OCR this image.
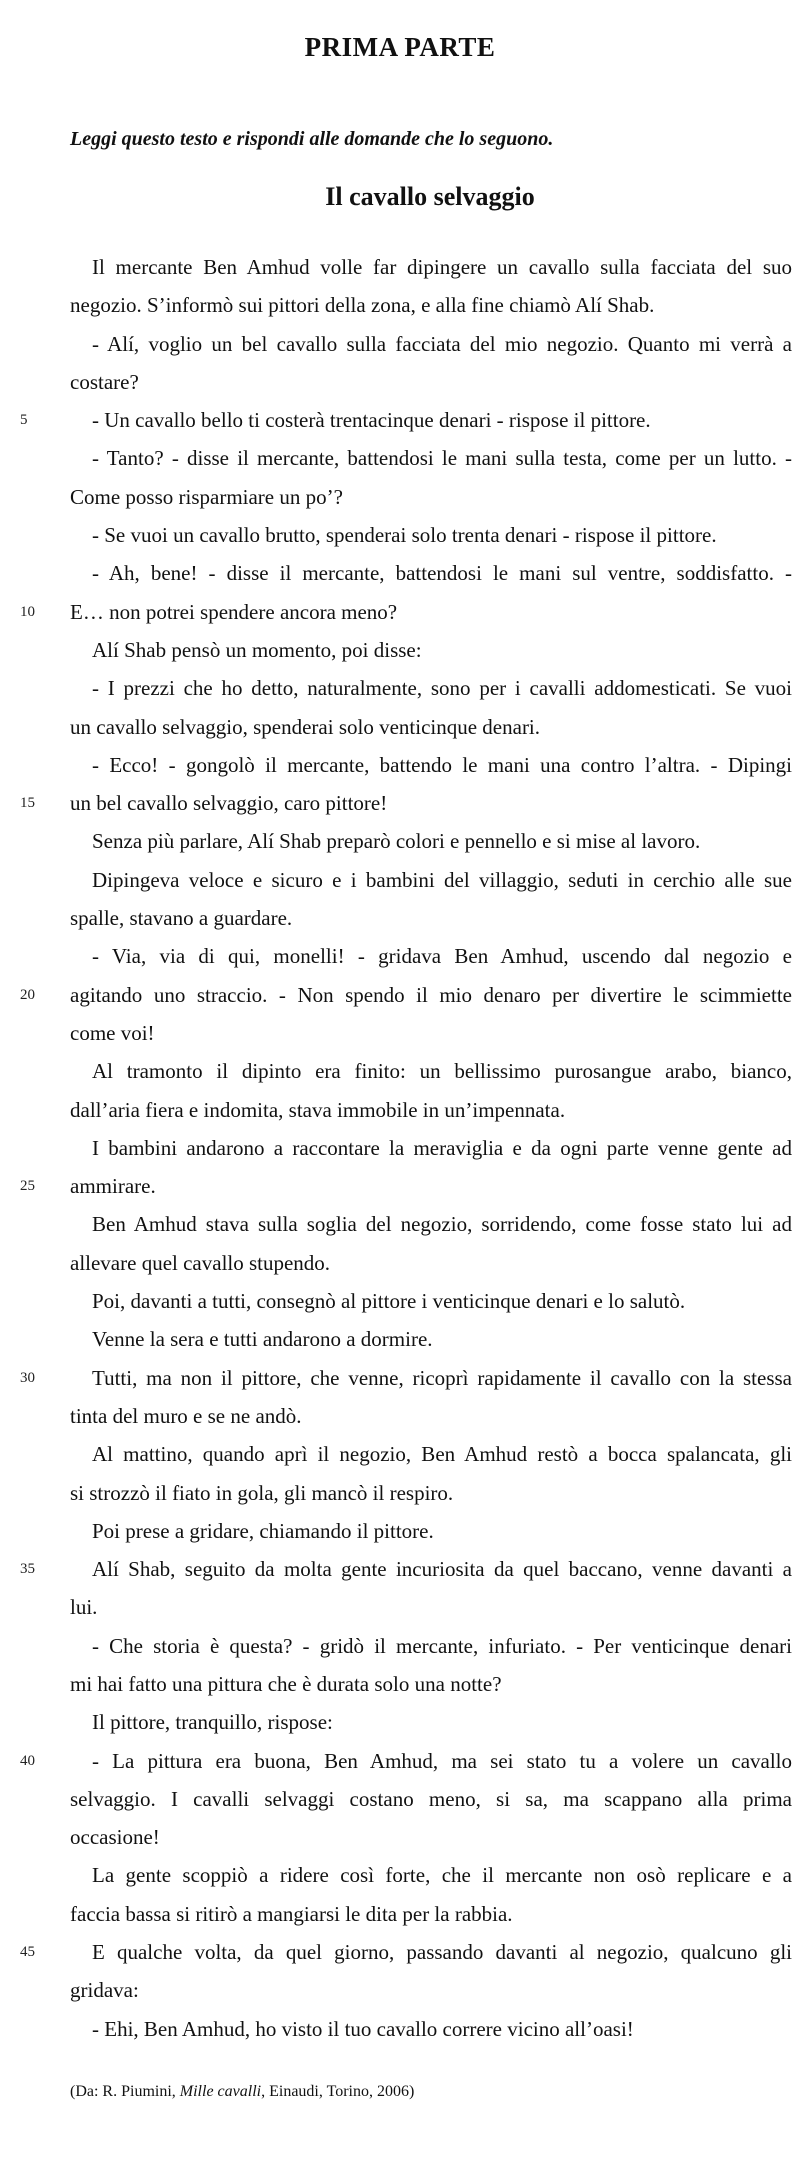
PRIMA PARTE
Leggi questo testo e rispondi alle domande che lo seguono.
Il cavallo selvaggio
Il mercante Ben Amhud volle far dipingere un cavallo sulla facciata del suo
negozio. S’informò sui pittori della zona, e alla fine chiamò Alí Shab.
- Alí, voglio un bel cavallo sulla facciata del mio negozio. Quanto mi verrà a
costare?
5	- Un cavallo bello ti costerà trentacinque denari - rispose il pittore.
- Tanto? - disse il mercante, battendosi le mani sulla testa, come per un lutto. -
Come posso risparmiare un po’?
- Se vuoi un cavallo brutto, spenderai solo trenta denari - rispose il pittore.
- Ah, bene! - disse il mercante, battendosi le mani sul ventre, soddisfatto. -
10 E… non potrei spendere ancora meno?
Alí Shab pensò un momento, poi disse:
- I prezzi che ho detto, naturalmente, sono per i cavalli addomesticati. Se vuoi
un cavallo selvaggio, spenderai solo venticinque denari.
- Ecco! - gongolò il mercante, battendo le mani una contro l’altra. - Dipingi
15 un bel cavallo selvaggio, caro pittore!
Senza più parlare, Alí Shab preparò colori e pennello e si mise al lavoro.
Dipingeva veloce e sicuro e i bambini del villaggio, seduti in cerchio alle sue
spalle, stavano a guardare.
- Via, via di qui, monelli! - gridava Ben Amhud, uscendo dal negozio e
20 agitando uno straccio. - Non spendo il mio denaro per divertire le scimmiette
come voi!
Al tramonto il dipinto era finito: un bellissimo purosangue arabo, bianco,
dall’aria fiera e indomita, stava immobile in un’impennata.
I bambini andarono a raccontare la meraviglia e da ogni parte venne gente ad
25 ammirare.
Ben Amhud stava sulla soglia del negozio, sorridendo, come fosse stato lui ad
allevare quel cavallo stupendo.
Poi, davanti a tutti, consegnò al pittore i venticinque denari e lo salutò.
Venne la sera e tutti andarono a dormire.
30	Tutti, ma non il pittore, che venne, ricoprì rapidamente il cavallo con la stessa
tinta del muro e se ne andò.
Al mattino, quando aprì il negozio, Ben Amhud restò a bocca spalancata, gli
si strozzò il fiato in gola, gli mancò il respiro.
Poi prese a gridare, chiamando il pittore.
35	Alí Shab, seguito da molta gente incuriosita da quel baccano, venne davanti a
lui.
- Che storia è questa? - gridò il mercante, infuriato. - Per venticinque denari
mi hai fatto una pittura che è durata solo una notte?
Il pittore, tranquillo, rispose:
40	- La pittura era buona, Ben Amhud, ma sei stato tu a volere un cavallo
selvaggio. I cavalli selvaggi costano meno, si sa, ma scappano alla prima
occasione!
La gente scoppiò a ridere così forte, che il mercante non osò replicare e a
faccia bassa si ritirò a mangiarsi le dita per la rabbia.
45	E qualche volta, da quel giorno, passando davanti al negozio, qualcuno gli
gridava:
- Ehi, Ben Amhud, ho visto il tuo cavallo correre vicino all’oasi!
(Da: R. Piumini, Mille cavalli, Einaudi, Torino, 2006)
